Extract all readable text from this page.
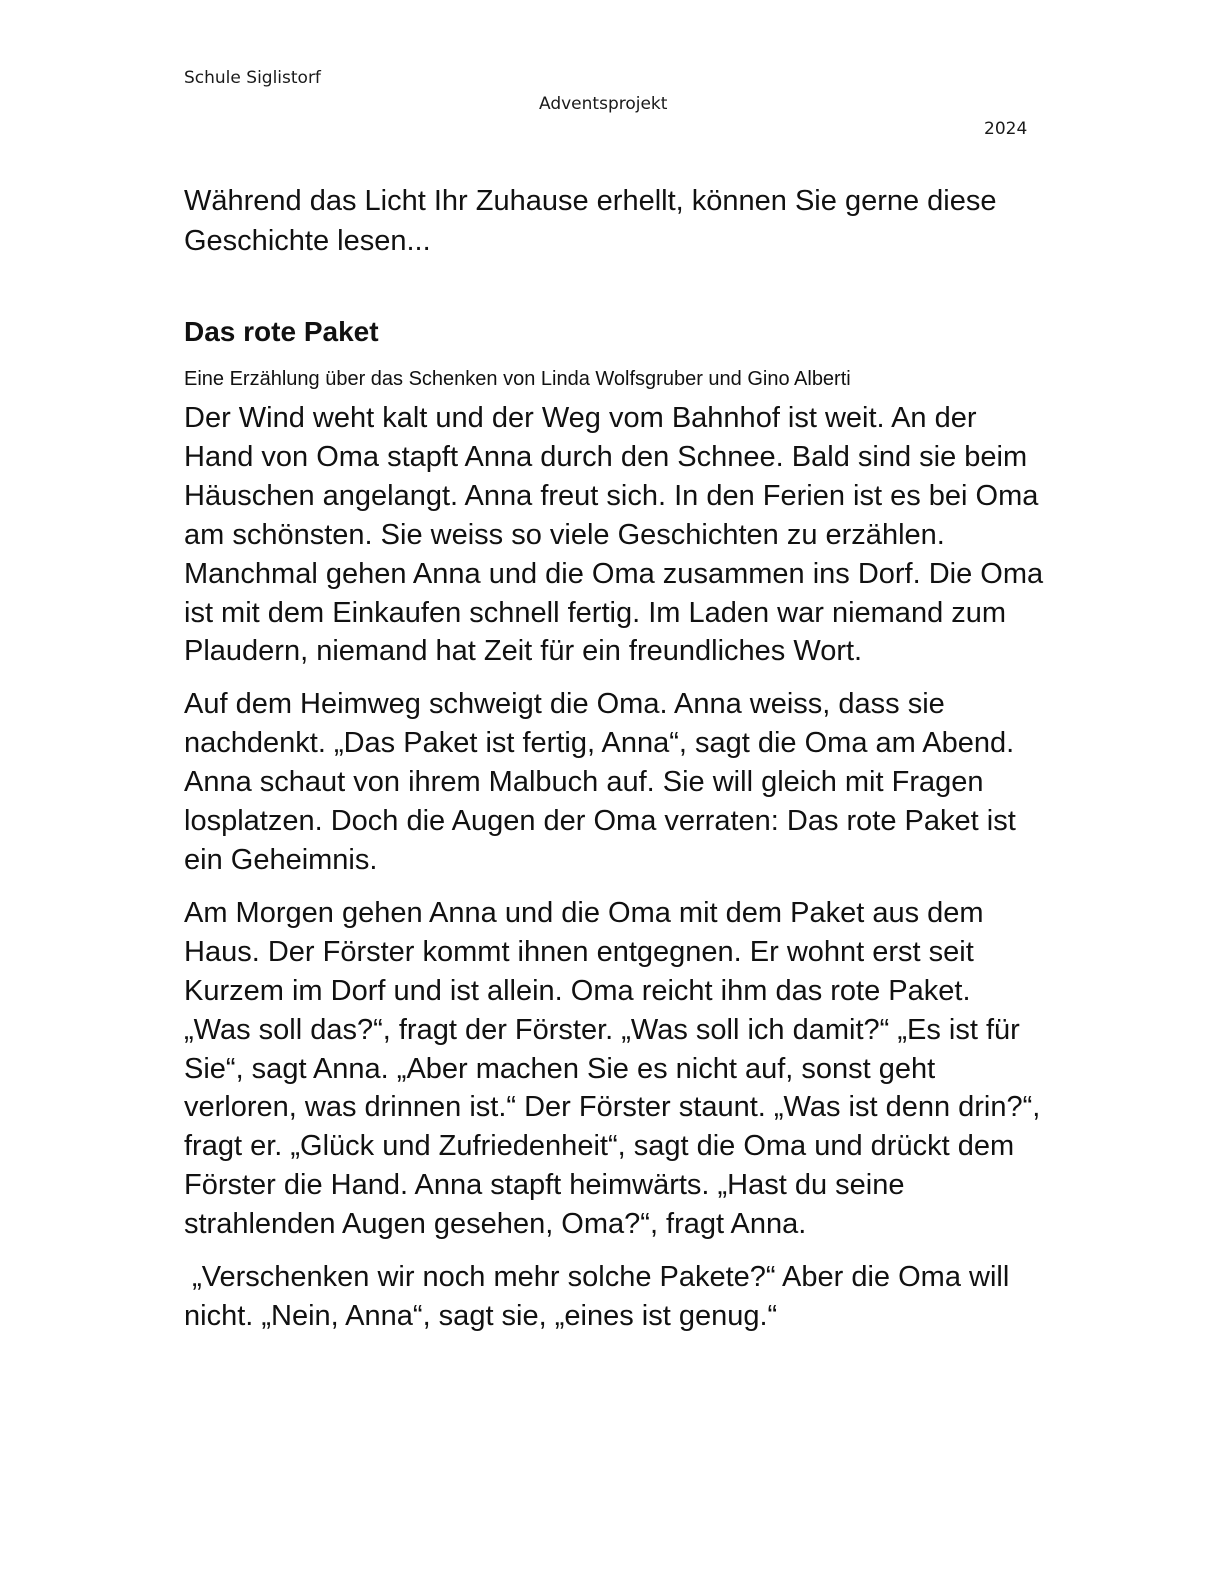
Schule Siglistorf
Adventsprojekt
2024

Während das Licht Ihr Zuhause erhellt, können Sie gerne diese Geschichte lesen...

Das rote Paket

Eine Erzählung über das Schenken von Linda Wolfsgruber und Gino Alberti

Der Wind weht kalt und der Weg vom Bahnhof ist weit. An der Hand von Oma stapft Anna durch den Schnee. Bald sind sie beim Häuschen angelangt. Anna freut sich. In den Ferien ist es bei Oma am schönsten. Sie weiss so viele Geschichten zu erzählen. Manchmal gehen Anna und die Oma zusammen ins Dorf. Die Oma ist mit dem Einkaufen schnell fertig. Im Laden war niemand zum Plaudern, niemand hat Zeit für ein freundliches Wort.

Auf dem Heimweg schweigt die Oma. Anna weiss, dass sie nachdenkt. „Das Paket ist fertig, Anna“, sagt die Oma am Abend. Anna schaut von ihrem Malbuch auf. Sie will gleich mit Fragen losplatzen. Doch die Augen der Oma verraten: Das rote Paket ist ein Geheimnis.

Am Morgen gehen Anna und die Oma mit dem Paket aus dem Haus. Der Förster kommt ihnen entgegnen. Er wohnt erst seit Kurzem im Dorf und ist allein. Oma reicht ihm das rote Paket. „Was soll das?“, fragt der Förster. „Was soll ich damit?“ „Es ist für Sie“, sagt Anna. „Aber machen Sie es nicht auf, sonst geht verloren, was drinnen ist.“ Der Förster staunt. „Was ist denn drin?“, fragt er. „Glück und Zufriedenheit“, sagt die Oma und drückt dem Förster die Hand. Anna stapft heimwärts. „Hast du seine strahlenden Augen gesehen, Oma?“, fragt Anna.

„Verschenken wir noch mehr solche Pakete?“ Aber die Oma will nicht. „Nein, Anna“, sagt sie, „eines ist genug.“
